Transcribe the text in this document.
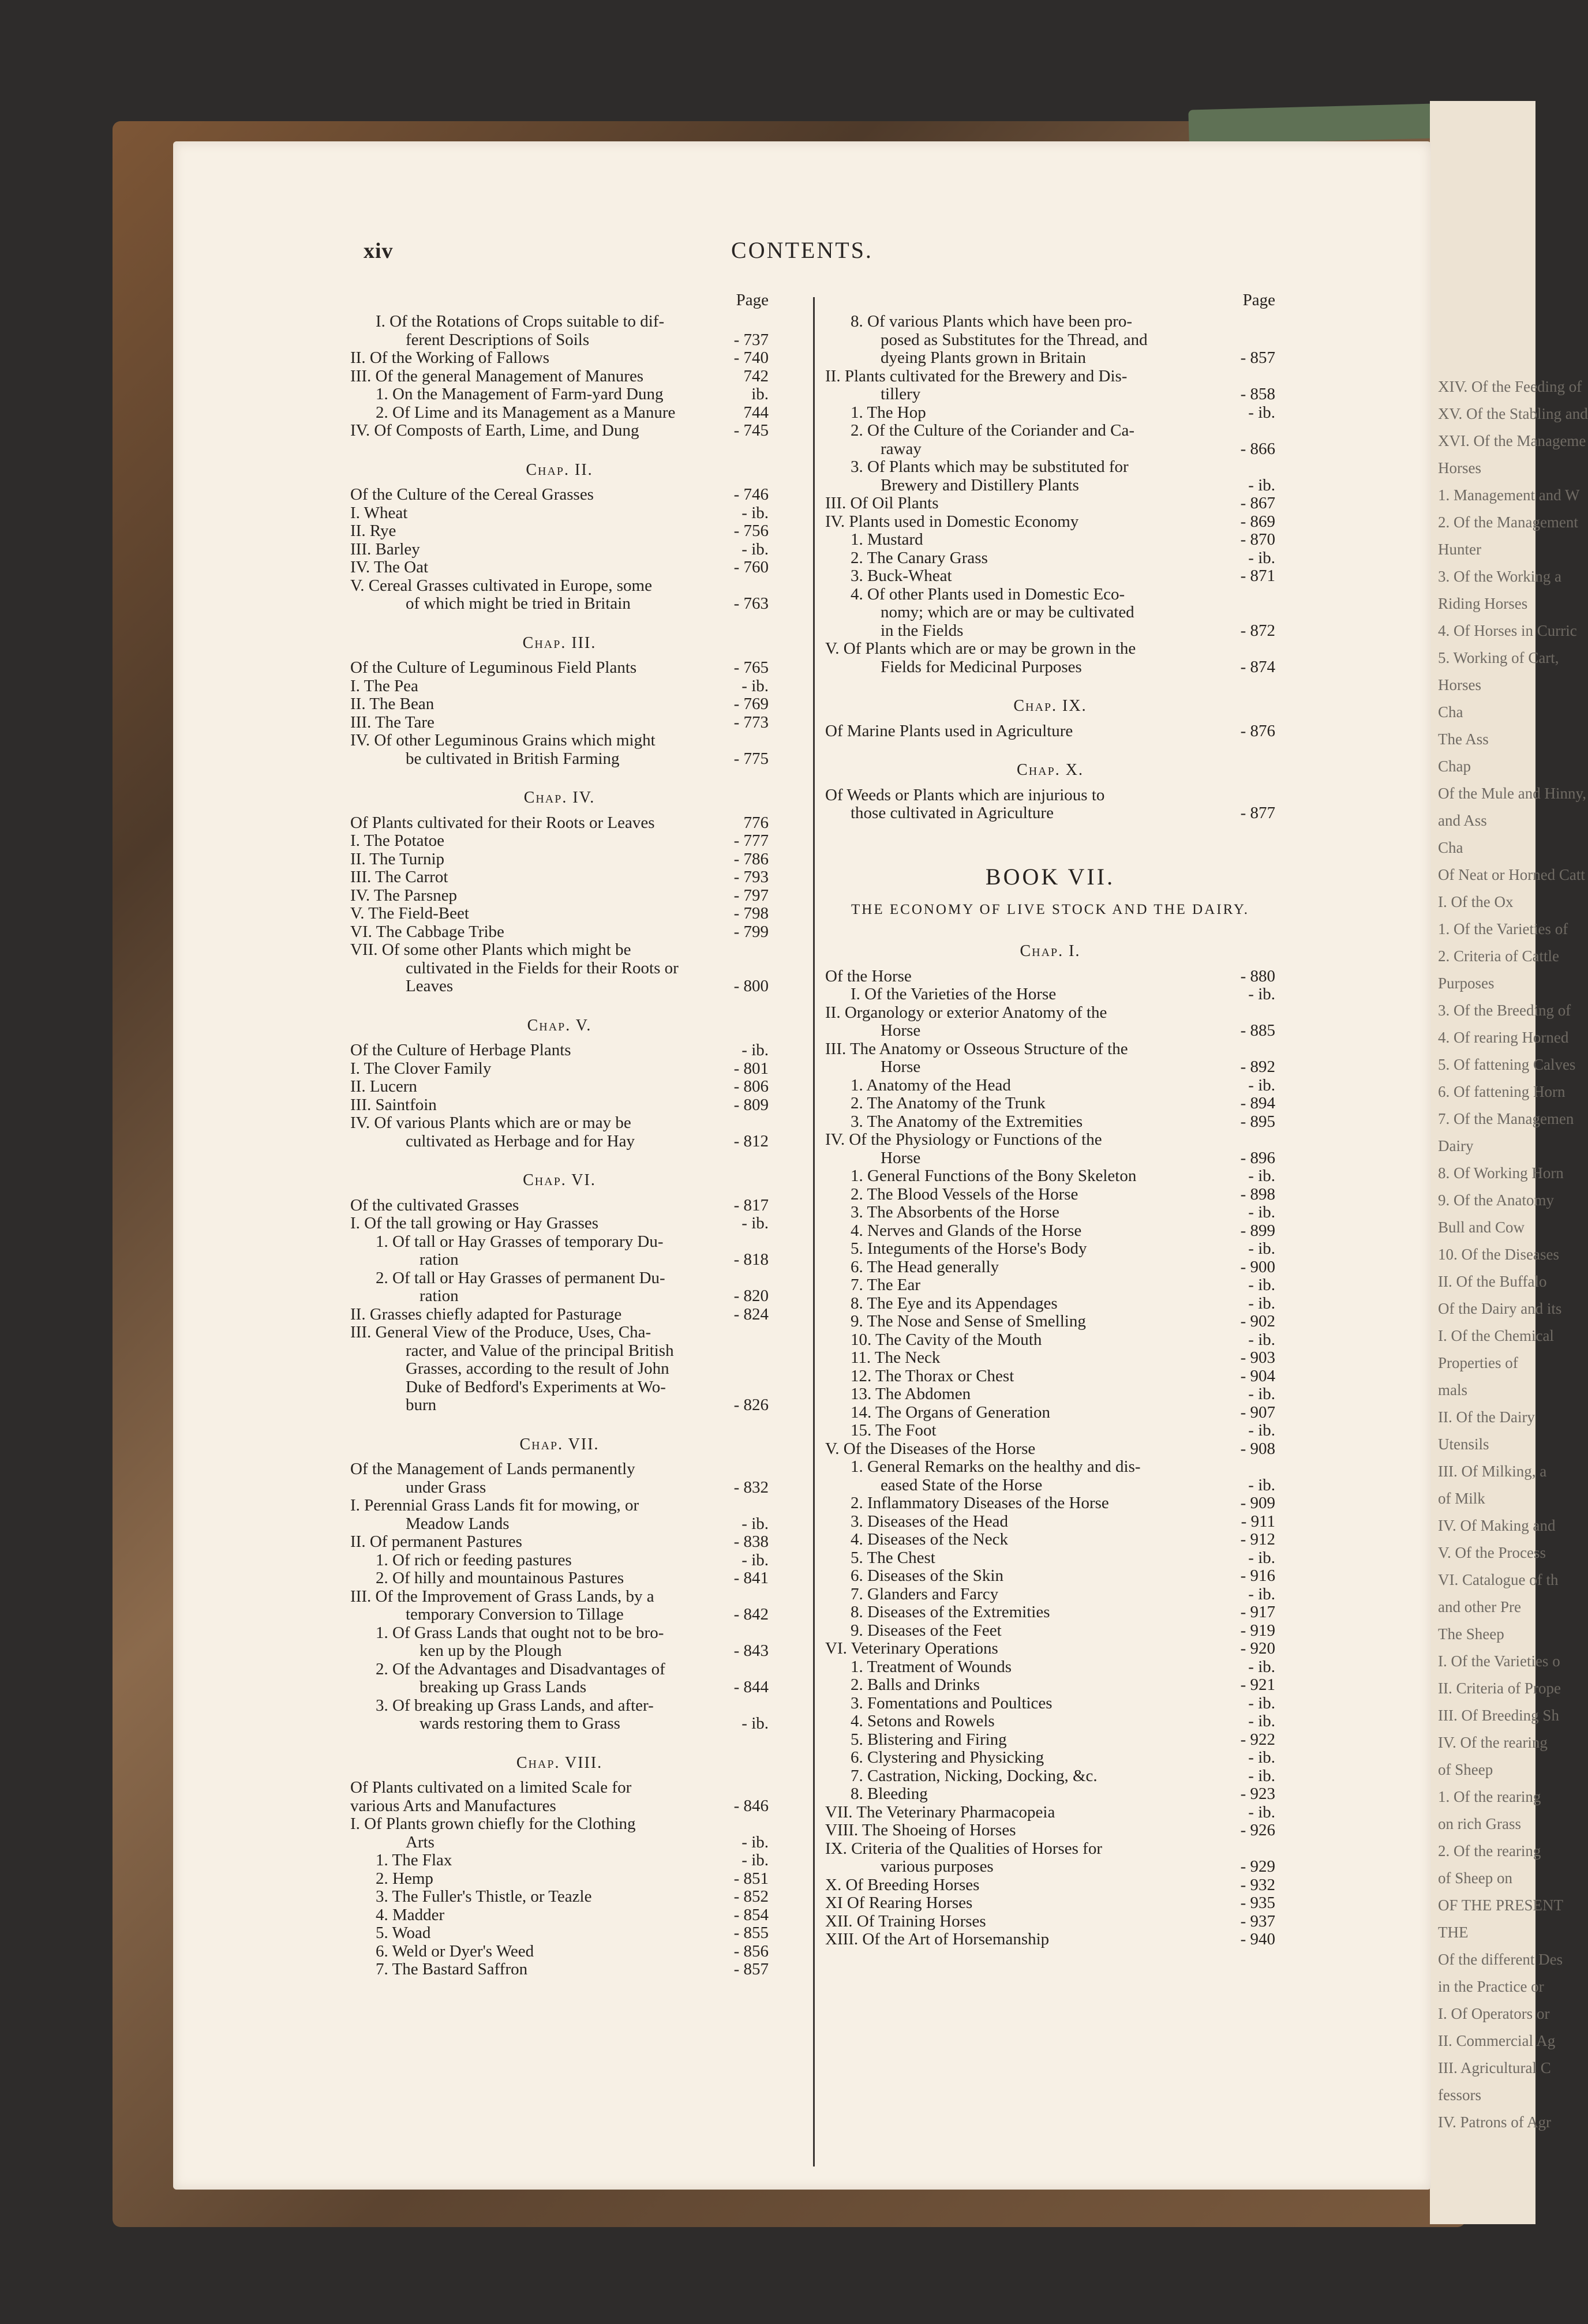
XIV. Of the Feeding of
XV. Of the Stabling and
XVI. Of the Manageme
Horses
1. Management and W
2. Of the Management
Hunter
3. Of the Working a
Riding Horses
4. Of Horses in Curric
5. Working of Cart,
Horses
Cha
The Ass
Chap
Of the Mule and Hinny,
and Ass
Cha
Of Neat or Horned Catt
I. Of the Ox
1. Of the Varieties of
2. Criteria of Cattle
Purposes
3. Of the Breeding of
4. Of rearing Horned
5. Of fattening Calves
6. Of fattening Horn
7. Of the Managemen
Dairy
8. Of Working Horn
9. Of the Anatomy
Bull and Cow
10. Of the Diseases
II. Of the Buffalo
Of the Dairy and its
I. Of the Chemical
Properties of
mals
II. Of the Dairy
Utensils
III. Of Milking, a
of Milk
IV. Of Making and
V. Of the Process
VI. Catalogue of th
and other Pre
The Sheep
I. Of the Varieties o
II. Criteria of Prope
III. Of Breeding Sh
IV. Of the rearing
of Sheep
1. Of the rearing
on rich Grass
2. Of the rearing
of Sheep on
OF THE PRESENT
THE
Of the different Des
in the Practice or
I. Of Operators or
II. Commercial Ag
III. Agricultural C
fessors
IV. Patrons of Agr
xiv	CONTENTS.
Page
I. Of the Rotations of Crops suitable to dif-
ferent Descriptions of Soils	- 737
II. Of the Working of Fallows	- 740
III. Of the general Management of Manures	742
1. On the Management of Farm-yard Dung	ib.
2. Of Lime and its Management as a Manure	744
IV. Of Composts of Earth, Lime, and Dung	- 745
Chap. II.
Of the Culture of the Cereal Grasses	- 746
I. Wheat	- ib.
II. Rye	- 756
III. Barley	- ib.
IV. The Oat	- 760
V. Cereal Grasses cultivated in Europe, some
of which might be tried in Britain	- 763
Chap. III.
Of the Culture of Leguminous Field Plants	- 765
I. The Pea	- ib.
II. The Bean	- 769
III. The Tare	- 773
IV. Of other Leguminous Grains which might
be cultivated in British Farming	- 775
Chap. IV.
Of Plants cultivated for their Roots or Leaves	776
I. The Potatoe	- 777
II. The Turnip	- 786
III. The Carrot	- 793
IV. The Parsnep	- 797
V. The Field-Beet	- 798
VI. The Cabbage Tribe	- 799
VII. Of some other Plants which might be
cultivated in the Fields for their Roots or
Leaves	- 800
Chap. V.
Of the Culture of Herbage Plants	- ib.
I. The Clover Family	- 801
II. Lucern	- 806
III. Saintfoin	- 809
IV. Of various Plants which are or may be
cultivated as Herbage and for Hay	- 812
Chap. VI.
Of the cultivated Grasses	- 817
I. Of the tall growing or Hay Grasses	- ib.
1. Of tall or Hay Grasses of temporary Du-
ration	- 818
2. Of tall or Hay Grasses of permanent Du-
ration	- 820
II. Grasses chiefly adapted for Pasturage	- 824
III. General View of the Produce, Uses, Cha-
racter, and Value of the principal British
Grasses, according to the result of John
Duke of Bedford's Experiments at Wo-
burn	- 826
Chap. VII.
Of the Management of Lands permanently
under Grass	- 832
I. Perennial Grass Lands fit for mowing, or
Meadow Lands	- ib.
II. Of permanent Pastures	- 838
1. Of rich or feeding pastures	- ib.
2. Of hilly and mountainous Pastures	- 841
III. Of the Improvement of Grass Lands, by a
temporary Conversion to Tillage	- 842
1. Of Grass Lands that ought not to be bro-
ken up by the Plough	- 843
2. Of the Advantages and Disadvantages of
breaking up Grass Lands	- 844
3. Of breaking up Grass Lands, and after-
wards restoring them to Grass	- ib.
Chap. VIII.
Of Plants cultivated on a limited Scale for
various Arts and Manufactures	- 846
I. Of Plants grown chiefly for the Clothing
Arts	- ib.
1. The Flax	- ib.
2. Hemp	- 851
3. The Fuller's Thistle, or Teazle	- 852
4. Madder	- 854
5. Woad	- 855
6. Weld or Dyer's Weed	- 856
7. The Bastard Saffron	- 857
Page
8. Of various Plants which have been pro-
posed as Substitutes for the Thread, and
dyeing Plants grown in Britain	- 857
II. Plants cultivated for the Brewery and Dis-
tillery	- 858
1. The Hop	- ib.
2. Of the Culture of the Coriander and Ca-
raway	- 866
3. Of Plants which may be substituted for
Brewery and Distillery Plants	- ib.
III. Of Oil Plants	- 867
IV. Plants used in Domestic Economy	- 869
1. Mustard	- 870
2. The Canary Grass	- ib.
3. Buck-Wheat	- 871
4. Of other Plants used in Domestic Eco-
nomy; which are or may be cultivated
in the Fields	- 872
V. Of Plants which are or may be grown in the
Fields for Medicinal Purposes	- 874
Chap. IX.
Of Marine Plants used in Agriculture	- 876
Chap. X.
Of Weeds or Plants which are injurious to
those cultivated in Agriculture	- 877
BOOK VII.
THE ECONOMY OF LIVE STOCK AND THE DAIRY.
Chap. I.
Of the Horse	- 880
I. Of the Varieties of the Horse	- ib.
II. Organology or exterior Anatomy of the
Horse	- 885
III. The Anatomy or Osseous Structure of the
Horse	- 892
1. Anatomy of the Head	- ib.
2. The Anatomy of the Trunk	- 894
3. The Anatomy of the Extremities	- 895
IV. Of the Physiology or Functions of the
Horse	- 896
1. General Functions of the Bony Skeleton	- ib.
2. The Blood Vessels of the Horse	- 898
3. The Absorbents of the Horse	- ib.
4. Nerves and Glands of the Horse	- 899
5. Integuments of the Horse's Body	- ib.
6. The Head generally	- 900
7. The Ear	- ib.
8. The Eye and its Appendages	- ib.
9. The Nose and Sense of Smelling	- 902
10. The Cavity of the Mouth	- ib.
11. The Neck	- 903
12. The Thorax or Chest	- 904
13. The Abdomen	- ib.
14. The Organs of Generation	- 907
15. The Foot	- ib.
V. Of the Diseases of the Horse	- 908
1. General Remarks on the healthy and dis-
eased State of the Horse	- ib.
2. Inflammatory Diseases of the Horse	- 909
3. Diseases of the Head	- 911
4. Diseases of the Neck	- 912
5. The Chest	- ib.
6. Diseases of the Skin	- 916
7. Glanders and Farcy	- ib.
8. Diseases of the Extremities	- 917
9. Diseases of the Feet	- 919
VI. Veterinary Operations	- 920
1. Treatment of Wounds	- ib.
2. Balls and Drinks	- 921
3. Fomentations and Poultices	- ib.
4. Setons and Rowels	- ib.
5. Blistering and Firing	- 922
6. Clystering and Physicking	- ib.
7. Castration, Nicking, Docking, &c.	- ib.
8. Bleeding	- 923
VII. The Veterinary Pharmacopeia	- ib.
VIII. The Shoeing of Horses	- 926
IX. Criteria of the Qualities of Horses for
various purposes	- 929
X. Of Breeding Horses	- 932
XI Of Rearing Horses	- 935
XII. Of Training Horses	- 937
XIII. Of the Art of Horsemanship	- 940
